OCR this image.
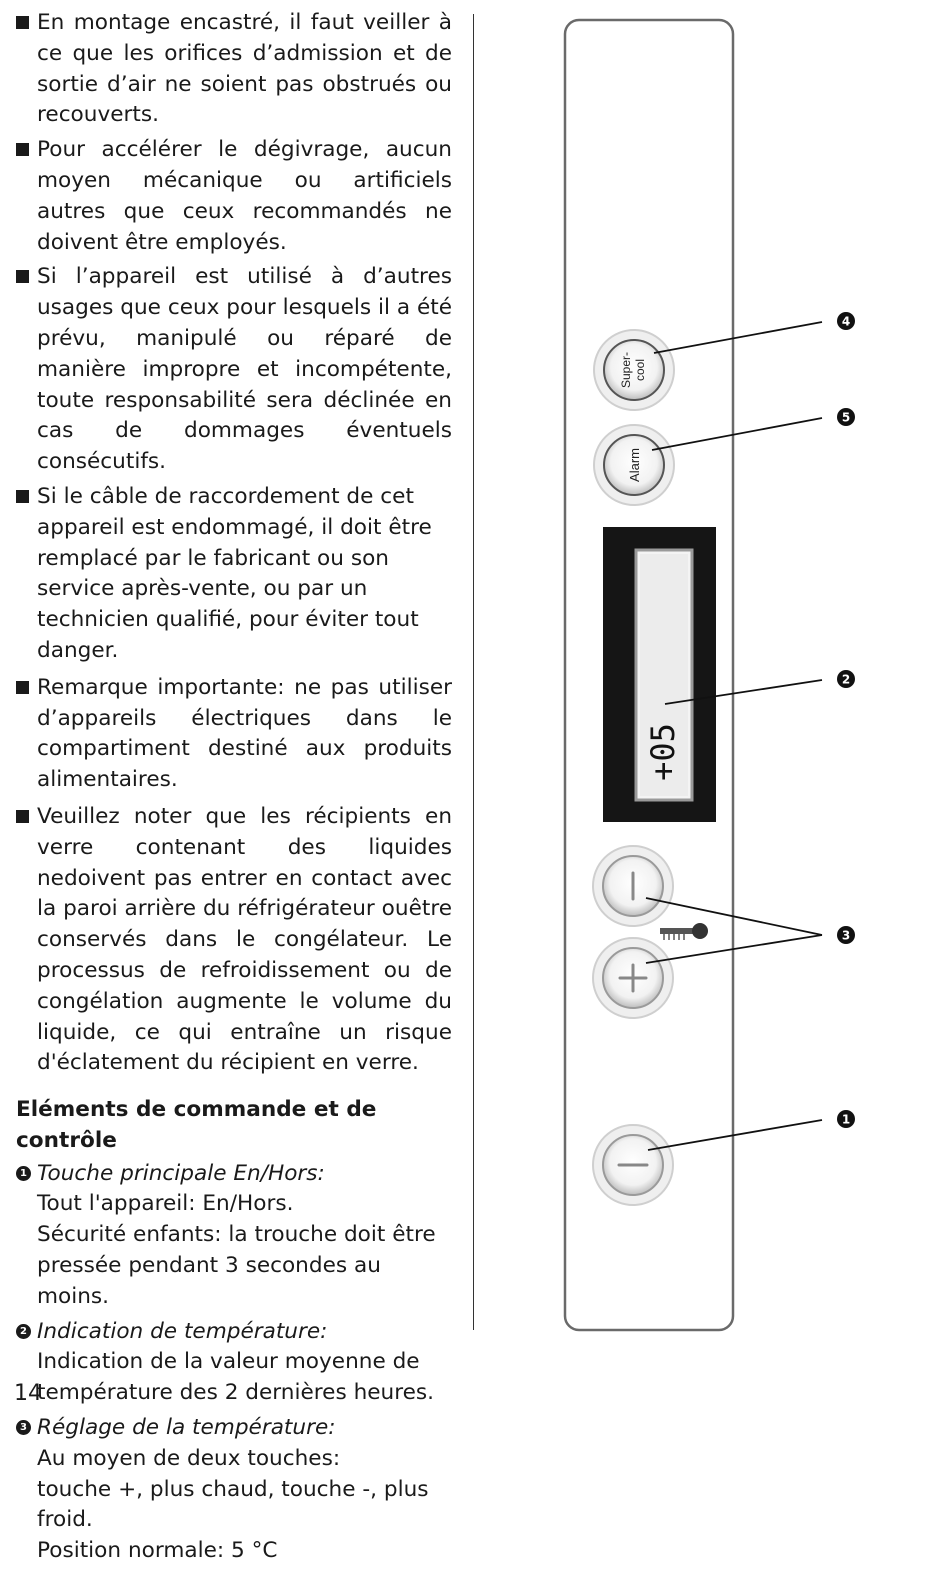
En montage encastré, il faut veiller à ce que les orifices d’admission et de sortie d’air ne soient pas obstrués ou recouverts.
Pour accélérer le dégivrage, aucun moyen mécanique ou artificiels autres que ceux recommandés ne doivent être employés.
Si l’appareil est utilisé à d’autres usages que ceux pour lesquels il a été prévu, manipulé ou réparé de manière impropre et incompétente, toute responsabilité sera déclinée en cas de dommages éventuels consécutifs.
Si le câble de raccordement de cet appareil est endommagé, il doit être remplacé par le fabricant ou son service après-vente, ou par un technicien qualifié, pour éviter tout danger.
Remarque importante: ne pas utiliser d’appareils électriques dans le compartiment destiné aux produits alimentaires.
Veuillez noter que les récipients en verre contenant des liquides nedoivent pas entrer en contact avec la paroi arrière du réfrigérateur ouêtre conservés dans le congélateur. Le processus de refroidissement ou de congélation augmente le volume du liquide, ce qui entraîne un risque d'éclatement du récipient en verre.
Eléments de commande et de contrôle
1 Touche principale En/Hors:
Tout l'appareil: En/Hors.
Sécurité enfants: la trouche doit être pressée pendant 3 secondes au moins.
2 Indication de température:
Indication de la valeur moyenne de température des 2 dernières heures.
3 Réglage de la température:
Au moyen de deux touches:
touche +, plus chaud, touche -, plus froid.
Position normale: 5 °C
14
Super- cool
Alarm
+05
4
5
2
3
1
